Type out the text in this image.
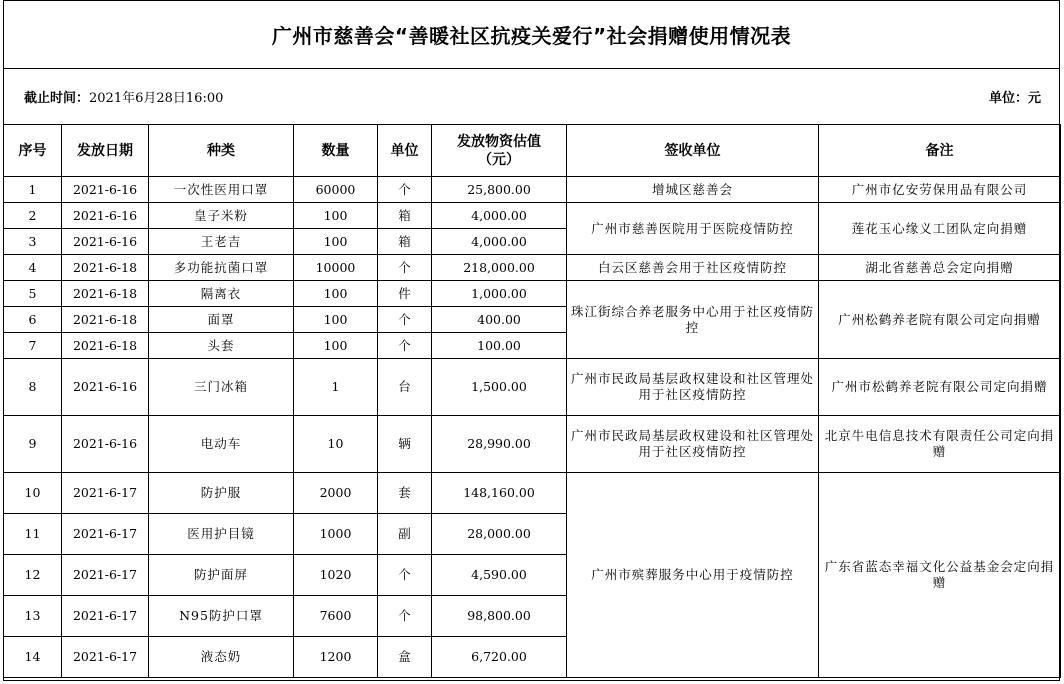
广州市慈善会“善暖社区抗疫关爱行”社会捐赠使用情况表
截止时间：2021年6月28日16:00	单位：元
序号	发放日期	种类	数量	单位	发放物资估值（元）	签收单位	备注
1	2021-6-16	一次性医用口罩	60000	个	25,800.00	增城区慈善会	广州市亿安劳保用品有限公司
2	2021-6-16	皇子米粉	100	箱	4,000.00	广州市慈善医院用于医院疫情防控	莲花玉心缘义工团队定向捐赠
3	2021-6-16	王老吉	100	箱	4,000.00		
4	2021-6-18	多功能抗菌口罩	10000	个	218,000.00	白云区慈善会用于社区疫情防控	湖北省慈善总会定向捐赠
5	2021-6-18	隔离衣	100	件	1,000.00	珠江街综合养老服务中心用于社区疫情防控	广州松鹤养老院有限公司定向捐赠
6	2021-6-18	面罩	100	个	400.00		
7	2021-6-18	头套	100	个	100.00		
8	2021-6-16	三门冰箱	1	台	1,500.00	广州市民政局基层政权建设和社区管理处用于社区疫情防控	广州市松鹤养老院有限公司定向捐赠
9	2021-6-16	电动车	10	辆	28,990.00	广州市民政局基层政权建设和社区管理处用于社区疫情防控	北京牛电信息技术有限责任公司定向捐赠
10	2021-6-17	防护服	2000	套	148,160.00	广州市殡葬服务中心用于疫情防控	广东省蓝态幸福文化公益基金会定向捐赠
11	2021-6-17	医用护目镜	1000	副	28,000.00		
12	2021-6-17	防护面屏	1020	个	4,590.00		
13	2021-6-17	N95防护口罩	7600	个	98,800.00		
14	2021-6-17	液态奶	1200	盒	6,720.00		
